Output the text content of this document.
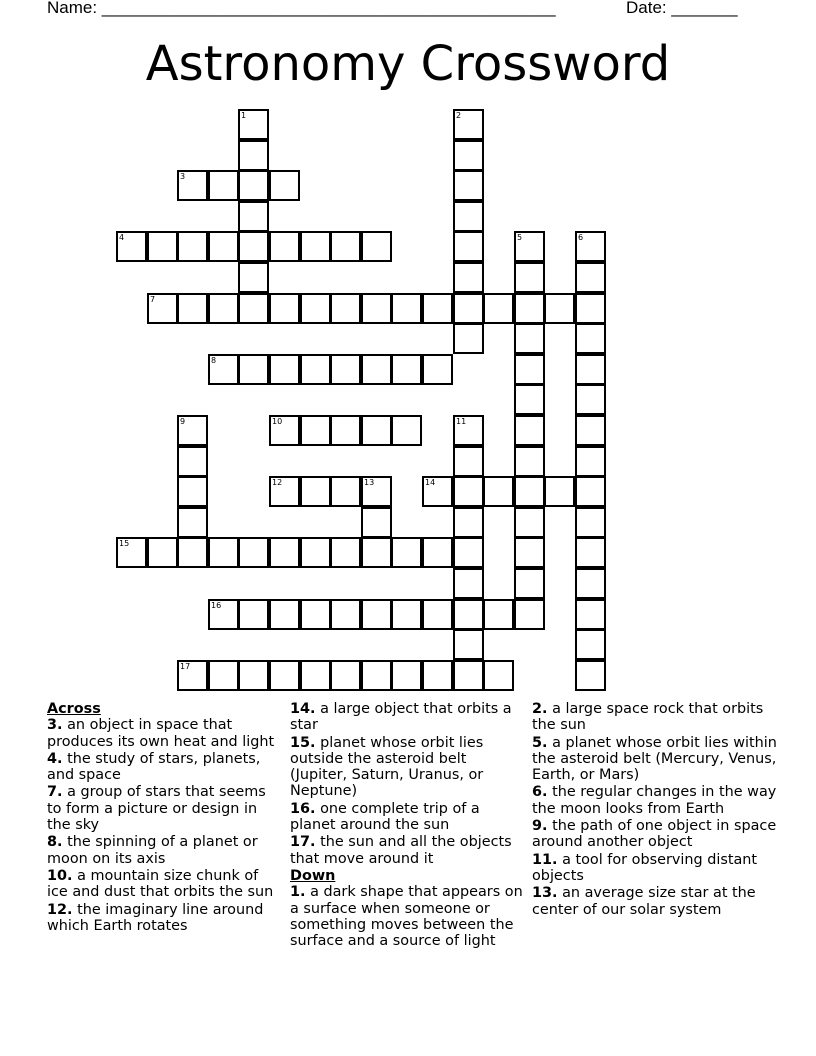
Name: ________________________________________________	Date: _______
Astronomy Crossword
1	2
3
4	5	6
7
8
9	10	11
12	13	14
15
16
17
Across
3. an object in space that produces its own heat and light
4. the study of stars, planets, and space
7. a group of stars that seems to form a picture or design in the sky
8. the spinning of a planet or moon on its axis
10. a mountain size chunk of ice and dust that orbits the sun
12. the imaginary line around which Earth rotates
14. a large object that orbits a star
15. planet whose orbit lies outside the asteroid belt (Jupiter, Saturn, Uranus, or Neptune)
16. one complete trip of a planet around the sun
17. the sun and all the objects that move around it
Down
1. a dark shape that appears on a surface when someone or something moves between the surface and a source of light
2. a large space rock that orbits the sun
5. a planet whose orbit lies within the asteroid belt (Mercury, Venus, Earth, or Mars)
6. the regular changes in the way the moon looks from Earth
9. the path of one object in space around another object
11. a tool for observing distant objects
13. an average size star at the center of our solar system
